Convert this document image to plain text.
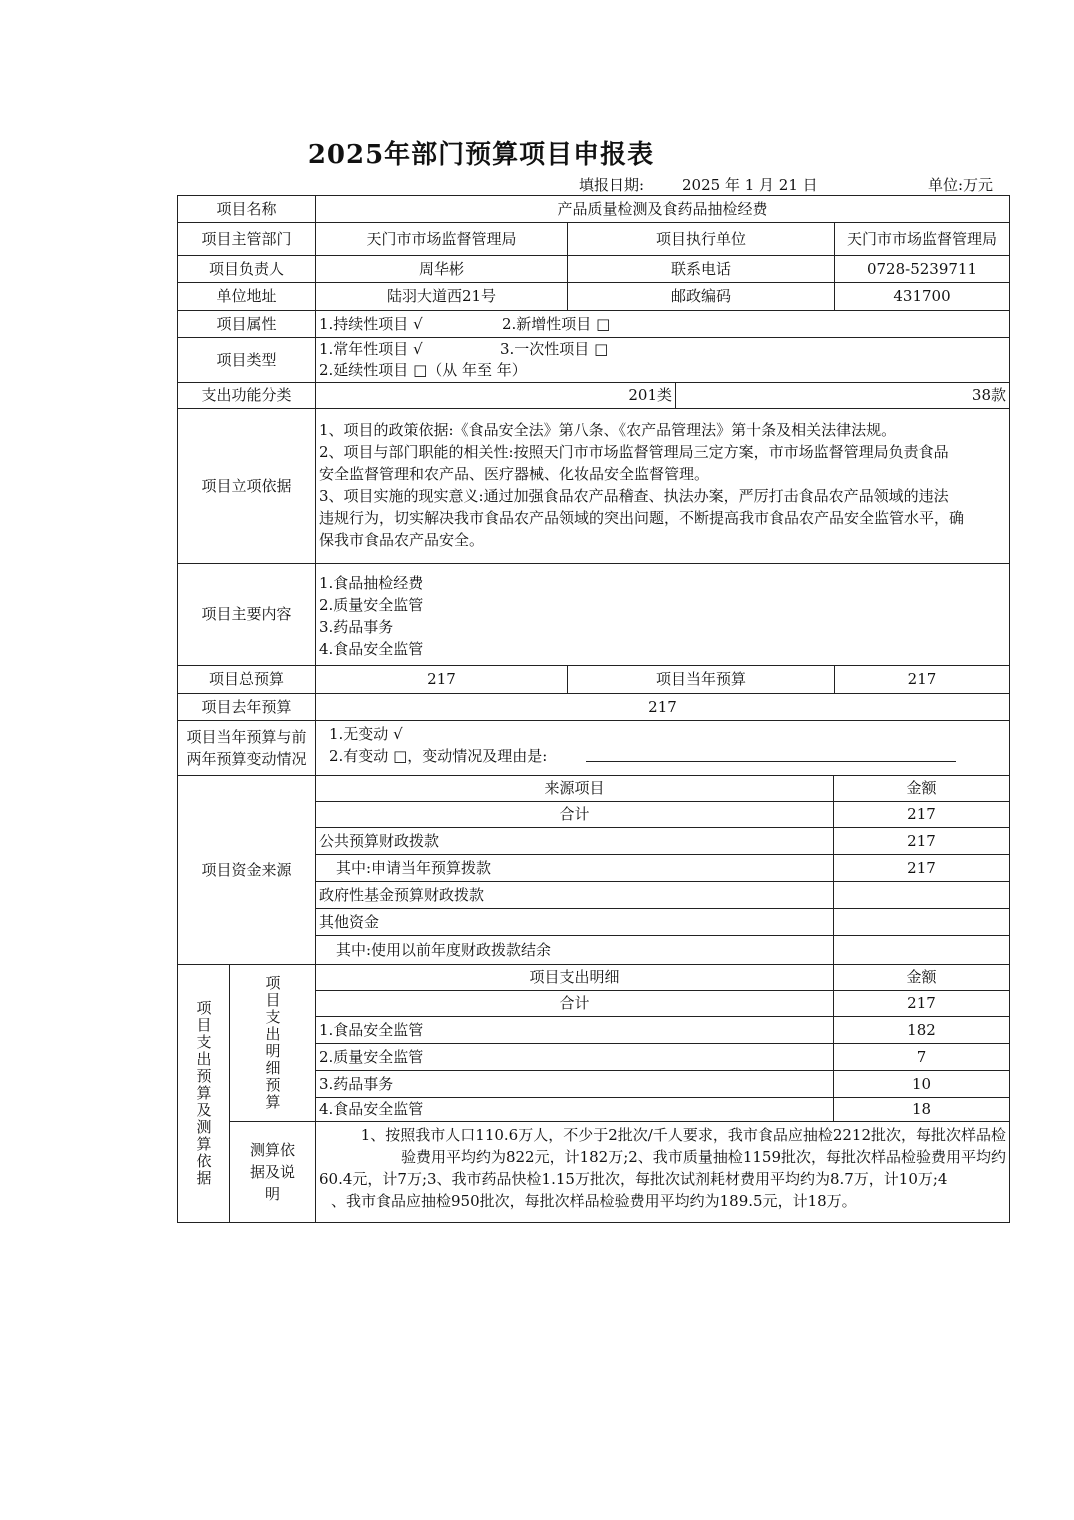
2025年部门预算项目申报表
填报日期:	2025 年 1 月 21 日	单位:万元
项目名称	产品质量检测及食药品抽检经费
项目主管部门	天门市市场监督管理局	项目执行单位	天门市市场监督管理局
项目负责人	周华彬	联系电话	0728-5239711
单位地址	陆羽大道西21号	邮政编码	431700
项目属性	1.持续性项目 √	2.新增性项目 □
项目类型
1.常年性项目 √	3.一次性项目 □
2.延续性项目 □（从 年至 年）
支出功能分类	201类	38款
项目立项依据
1、项目的政策依据:《食品安全法》第八条、《农产品管理法》第十条及相关法律法规。
2、项目与部门职能的相关性:按照天门市市场监督管理局三定方案，市市场监督管理局负责食品
安全监督管理和农产品、医疗器械、化妆品安全监督管理。
3、项目实施的现实意义:通过加强食品农产品稽查、执法办案，严厉打击食品农产品领域的违法
违规行为，切实解决我市食品农产品领域的突出问题，不断提高我市食品农产品安全监管水平，确
保我市食品农产品安全。
项目主要内容
1.食品抽检经费
2.质量安全监管
3.药品事务
4.食品安全监管
项目总预算	217	项目当年预算	217
项目去年预算	217
项目当年预算与前
两年预算变动情况
1.无变动 √
2.有变动 □，变动情况及理由是:
项目资金来源
来源项目	金额
合计	217
公共预算财政拨款	217
其中:申请当年预算拨款	217
政府性基金预算财政拨款
其他资金
其中:使用以前年度财政拨款结余
项目支出预算及测算依据	项目支出明细预算	项目支出明细	金额
合计	217
1.食品安全监管	182
2.质量安全监管	7
3.药品事务	10
4.食品安全监管	18
测算依据及说明
1、按照我市人口110.6万人，不少于2批次/千人要求，我市食品应抽检2212批次，每批次样品检
验费用平均约为822元，计182万;2、我市质量抽检1159批次，每批次样品检验费用平均约
60.4元，计7万;3、我市药品快检1.15万批次，每批次试剂耗材费用平均约为8.7万，计10万;4
、我市食品应抽检950批次，每批次样品检验费用平均约为189.5元，计18万。
